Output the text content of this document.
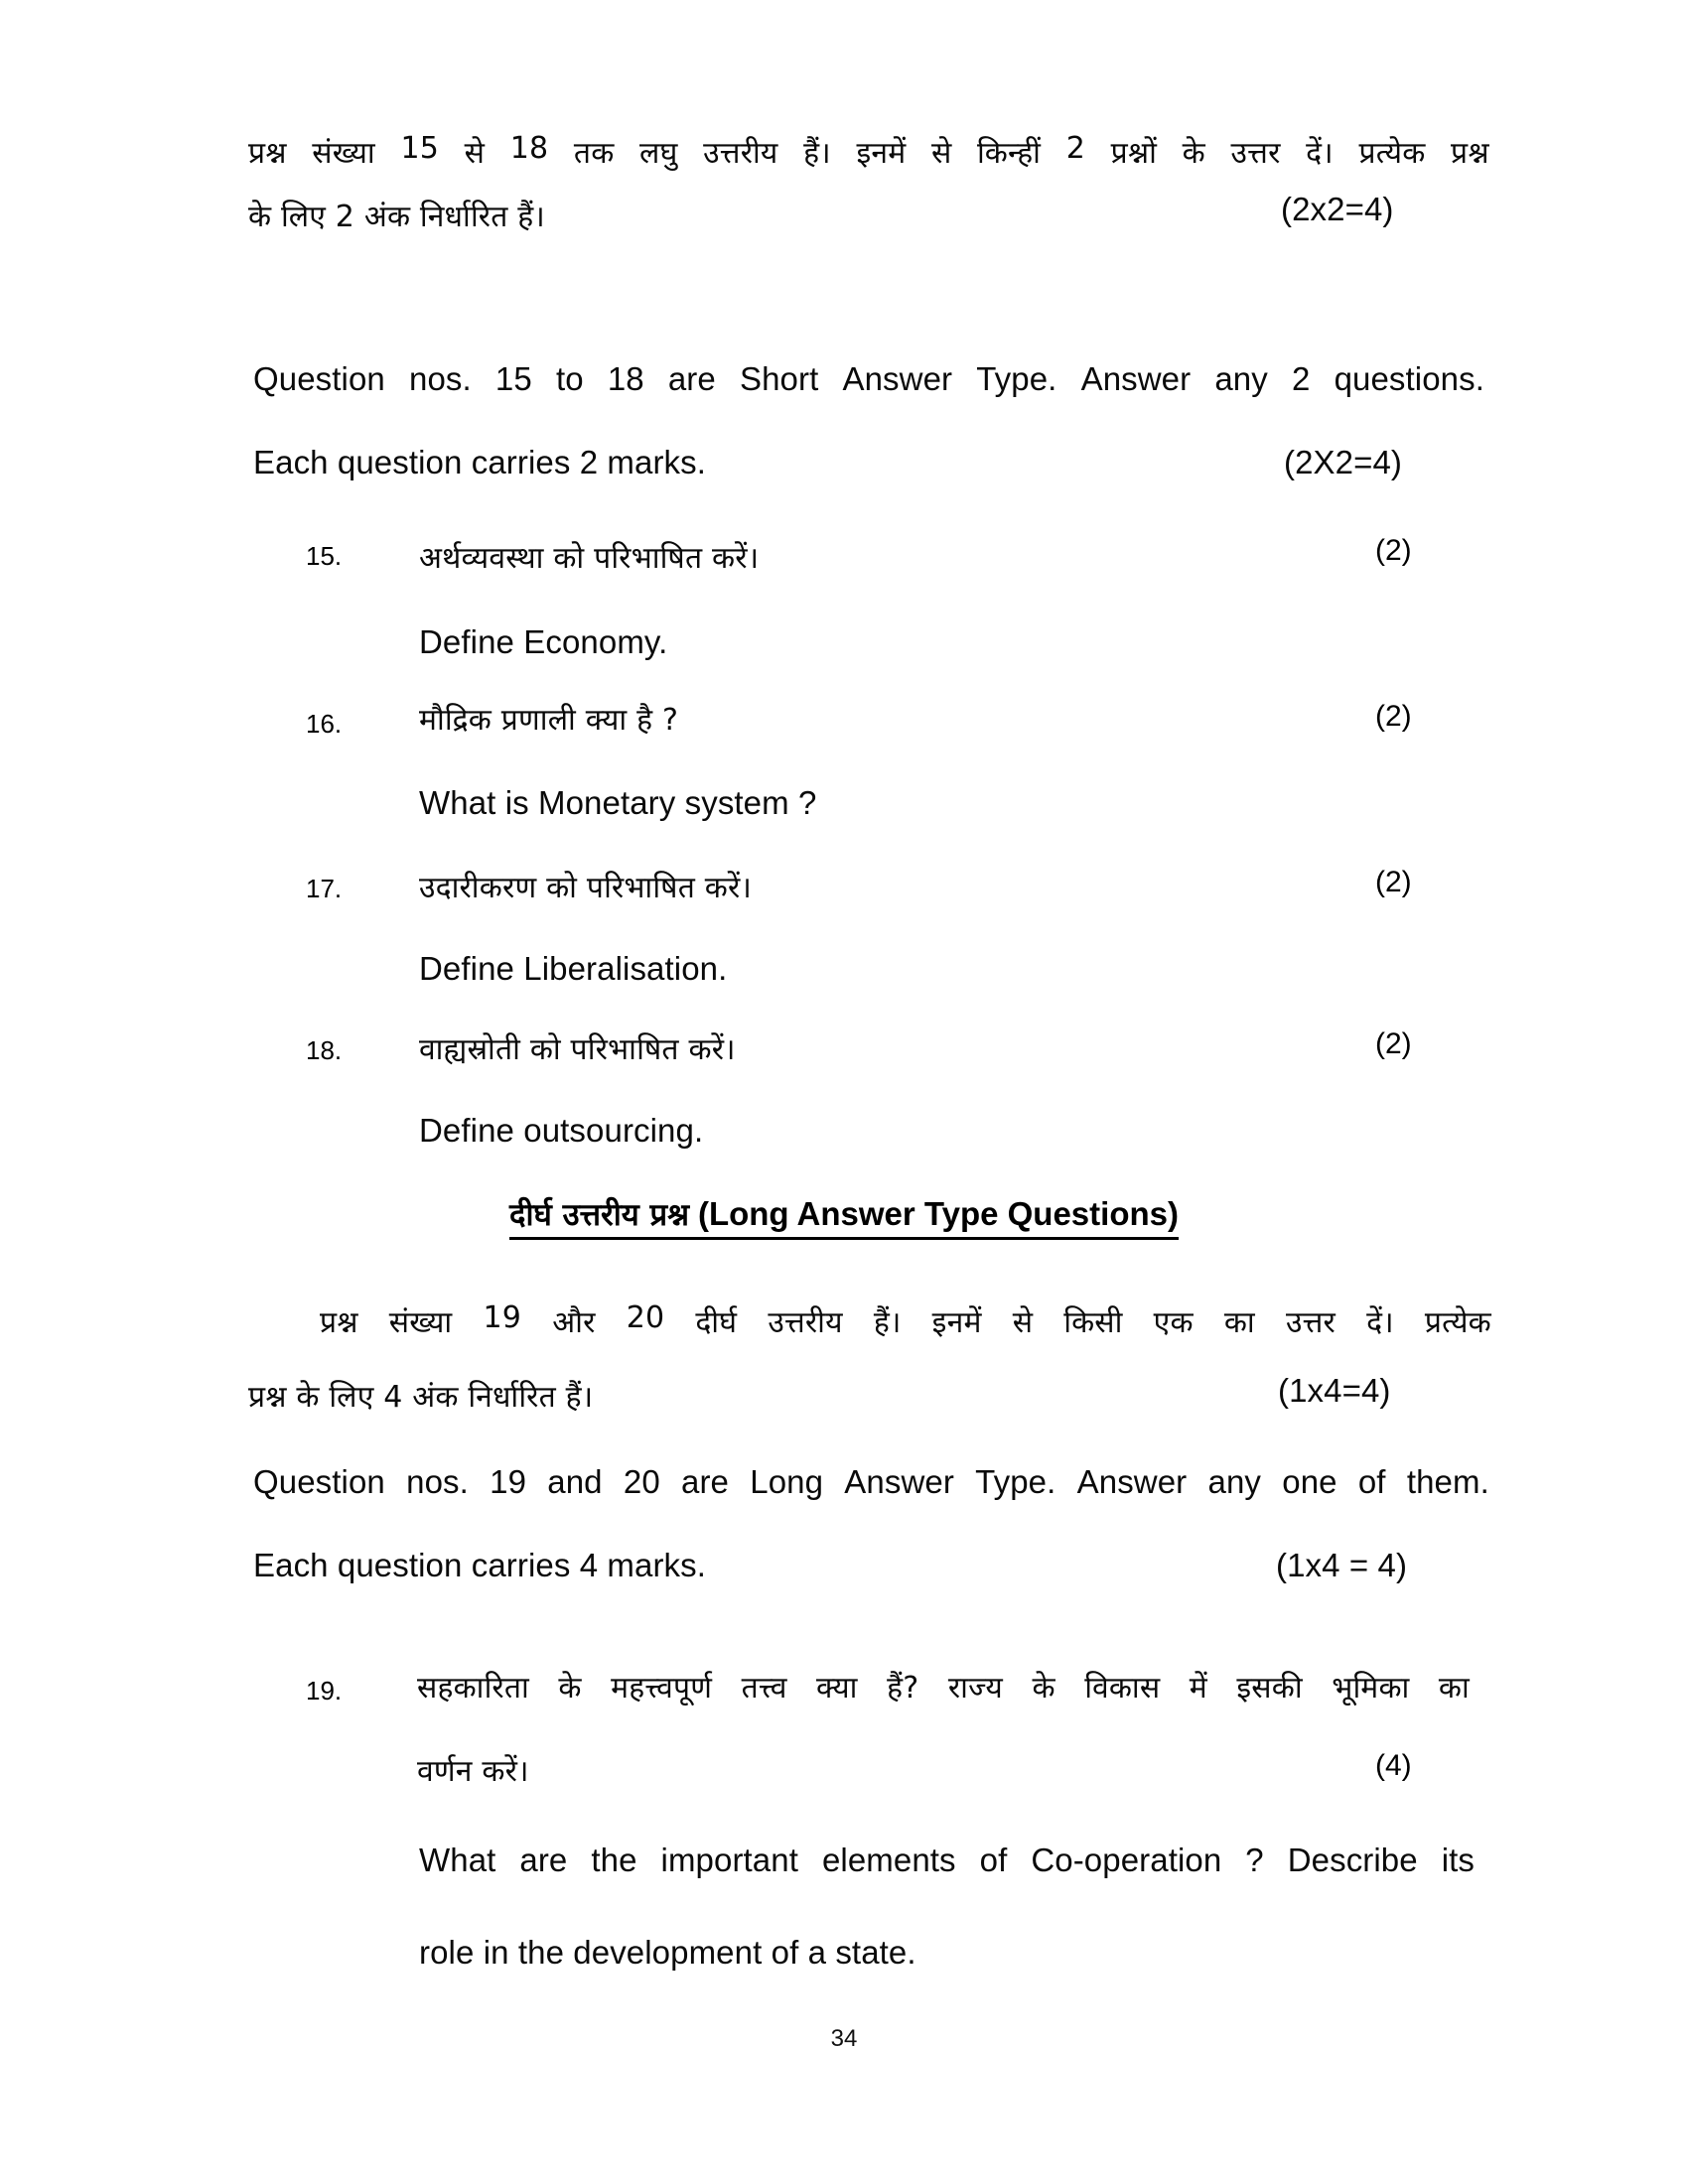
प्रश्न संख्या 15 से 18 तक लघु उत्तरीय हैं। इनमें से किन्हीं 2 प्रश्नों के उत्तर दें। प्रत्येक प्रश्न
के लिए 2 अंक निर्धारित हैं।	(2x2=4)
Question nos. 15 to 18 are Short Answer Type. Answer any 2 questions.
Each question carries 2 marks.	(2X2=4)
15.	अर्थव्यवस्था को परिभाषित करें।	(2)
Define Economy.
16.	मौद्रिक प्रणाली क्या है ?	(2)
What is Monetary system ?
17.	उदारीकरण को परिभाषित करें।	(2)
Define Liberalisation.
18.	वाह्यस्रोती को परिभाषित करें।	(2)
Define outsourcing.
दीर्घ उत्तरीय प्रश्न (Long Answer Type Questions)
प्रश्न संख्या 19 और 20 दीर्घ उत्तरीय हैं। इनमें से किसी एक का उत्तर दें। प्रत्येक
प्रश्न के लिए 4 अंक निर्धारित हैं।	(1x4=4)
Question nos. 19 and 20 are Long Answer Type. Answer any one of them.
Each question carries 4 marks.	(1x4 = 4)
19.	सहकारिता के महत्त्वपूर्ण तत्त्व क्या हैं? राज्य के विकास में इसकी भूमिका का
वर्णन करें।	(4)
What are the important elements of Co-operation ? Describe its
role in the development of a state.
34
